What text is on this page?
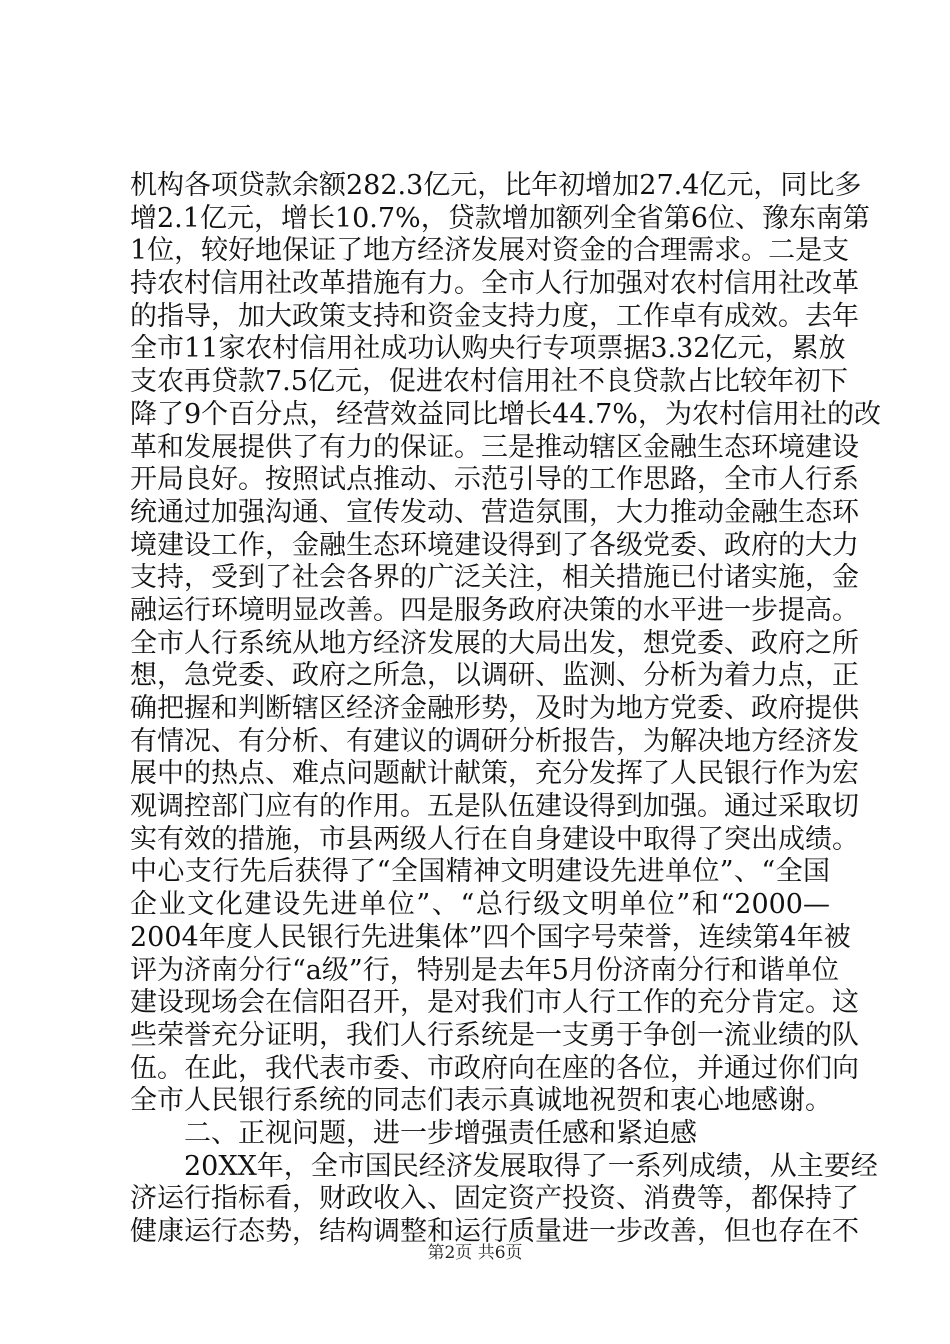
机构各项贷款余额282.3亿元，比年初增加27.4亿元，同比多
增2.1亿元，增长10.7%，贷款增加额列全省第6位、豫东南第
1位，较好地保证了地方经济发展对资金的合理需求。二是支
持农村信用社改革措施有力。全市人行加强对农村信用社改革
的指导，加大政策支持和资金支持力度，工作卓有成效。去年
全市11家农村信用社成功认购央行专项票据3.32亿元，累放
支农再贷款7.5亿元，促进农村信用社不良贷款占比较年初下
降了9个百分点，经营效益同比增长44.7%，为农村信用社的改
革和发展提供了有力的保证。三是推动辖区金融生态环境建设
开局良好。按照试点推动、示范引导的工作思路，全市人行系
统通过加强沟通、宣传发动、营造氛围，大力推动金融生态环
境建设工作，金融生态环境建设得到了各级党委、政府的大力
支持，受到了社会各界的广泛关注，相关措施已付诸实施，金
融运行环境明显改善。四是服务政府决策的水平进一步提高。
全市人行系统从地方经济发展的大局出发，想党委、政府之所
想，急党委、政府之所急，以调研、监测、分析为着力点，正
确把握和判断辖区经济金融形势，及时为地方党委、政府提供
有情况、有分析、有建议的调研分析报告，为解决地方经济发
展中的热点、难点问题献计献策，充分发挥了人民银行作为宏
观调控部门应有的作用。五是队伍建设得到加强。通过采取切
实有效的措施，市县两级人行在自身建设中取得了突出成绩。
中心支行先后获得了“全国精神文明建设先进单位”、“全国
企业文化建设先进单位”、“总行级文明单位”和“2000—
2004年度人民银行先进集体”四个国字号荣誉，连续第4年被
评为济南分行“a级”行，特别是去年5月份济南分行和谐单位
建设现场会在信阳召开，是对我们市人行工作的充分肯定。这
些荣誉充分证明，我们人行系统是一支勇于争创一流业绩的队
伍。在此，我代表市委、市政府向在座的各位，并通过你们向
全市人民银行系统的同志们表示真诚地祝贺和衷心地感谢。
二、正视问题，进一步增强责任感和紧迫感
20XX年，全市国民经济发展取得了一系列成绩，从主要经
济运行指标看，财政收入、固定资产投资、消费等，都保持了
健康运行态势，结构调整和运行质量进一步改善，但也存在不
第2页 共6页
